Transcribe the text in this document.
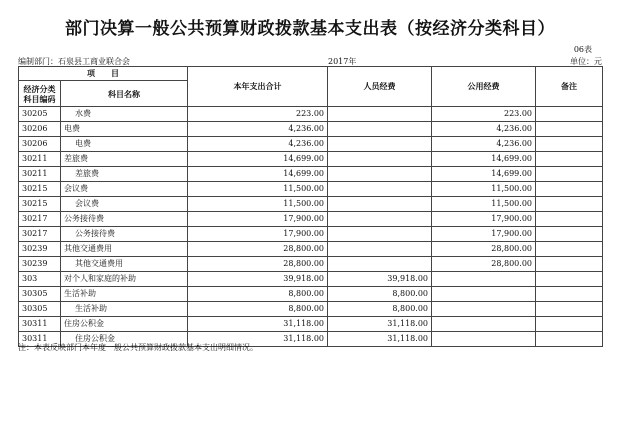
部门决算一般公共预算财政拨款基本支出表（按经济分类科目）
06表
编制部门：石泉县工商业联合会	2017年	单位：元
项　　目		本年支出合计	人员经费	公用经费	备注
经济分类
科目编码	科目名称				
30205	水费	223.00		223.00	
30206	电费	4,236.00		4,236.00	
30206	电费	4,236.00		4,236.00	
30211	差旅费	14,699.00		14,699.00	
30211	差旅费	14,699.00		14,699.00	
30215	会议费	11,500.00		11,500.00	
30215	会议费	11,500.00		11,500.00	
30217	公务接待费	17,900.00		17,900.00	
30217	公务接待费	17,900.00		17,900.00	
30239	其他交通费用	28,800.00		28,800.00	
30239	其他交通费用	28,800.00		28,800.00	
303	对个人和家庭的补助	39,918.00	39,918.00		
30305	生活补助	8,800.00	8,800.00		
30305	生活补助	8,800.00	8,800.00		
30311	住房公积金	31,118.00	31,118.00		
30311	住房公积金	31,118.00	31,118.00		
注：本表反映部门本年度一般公共预算财政拨款基本支出明细情况。
